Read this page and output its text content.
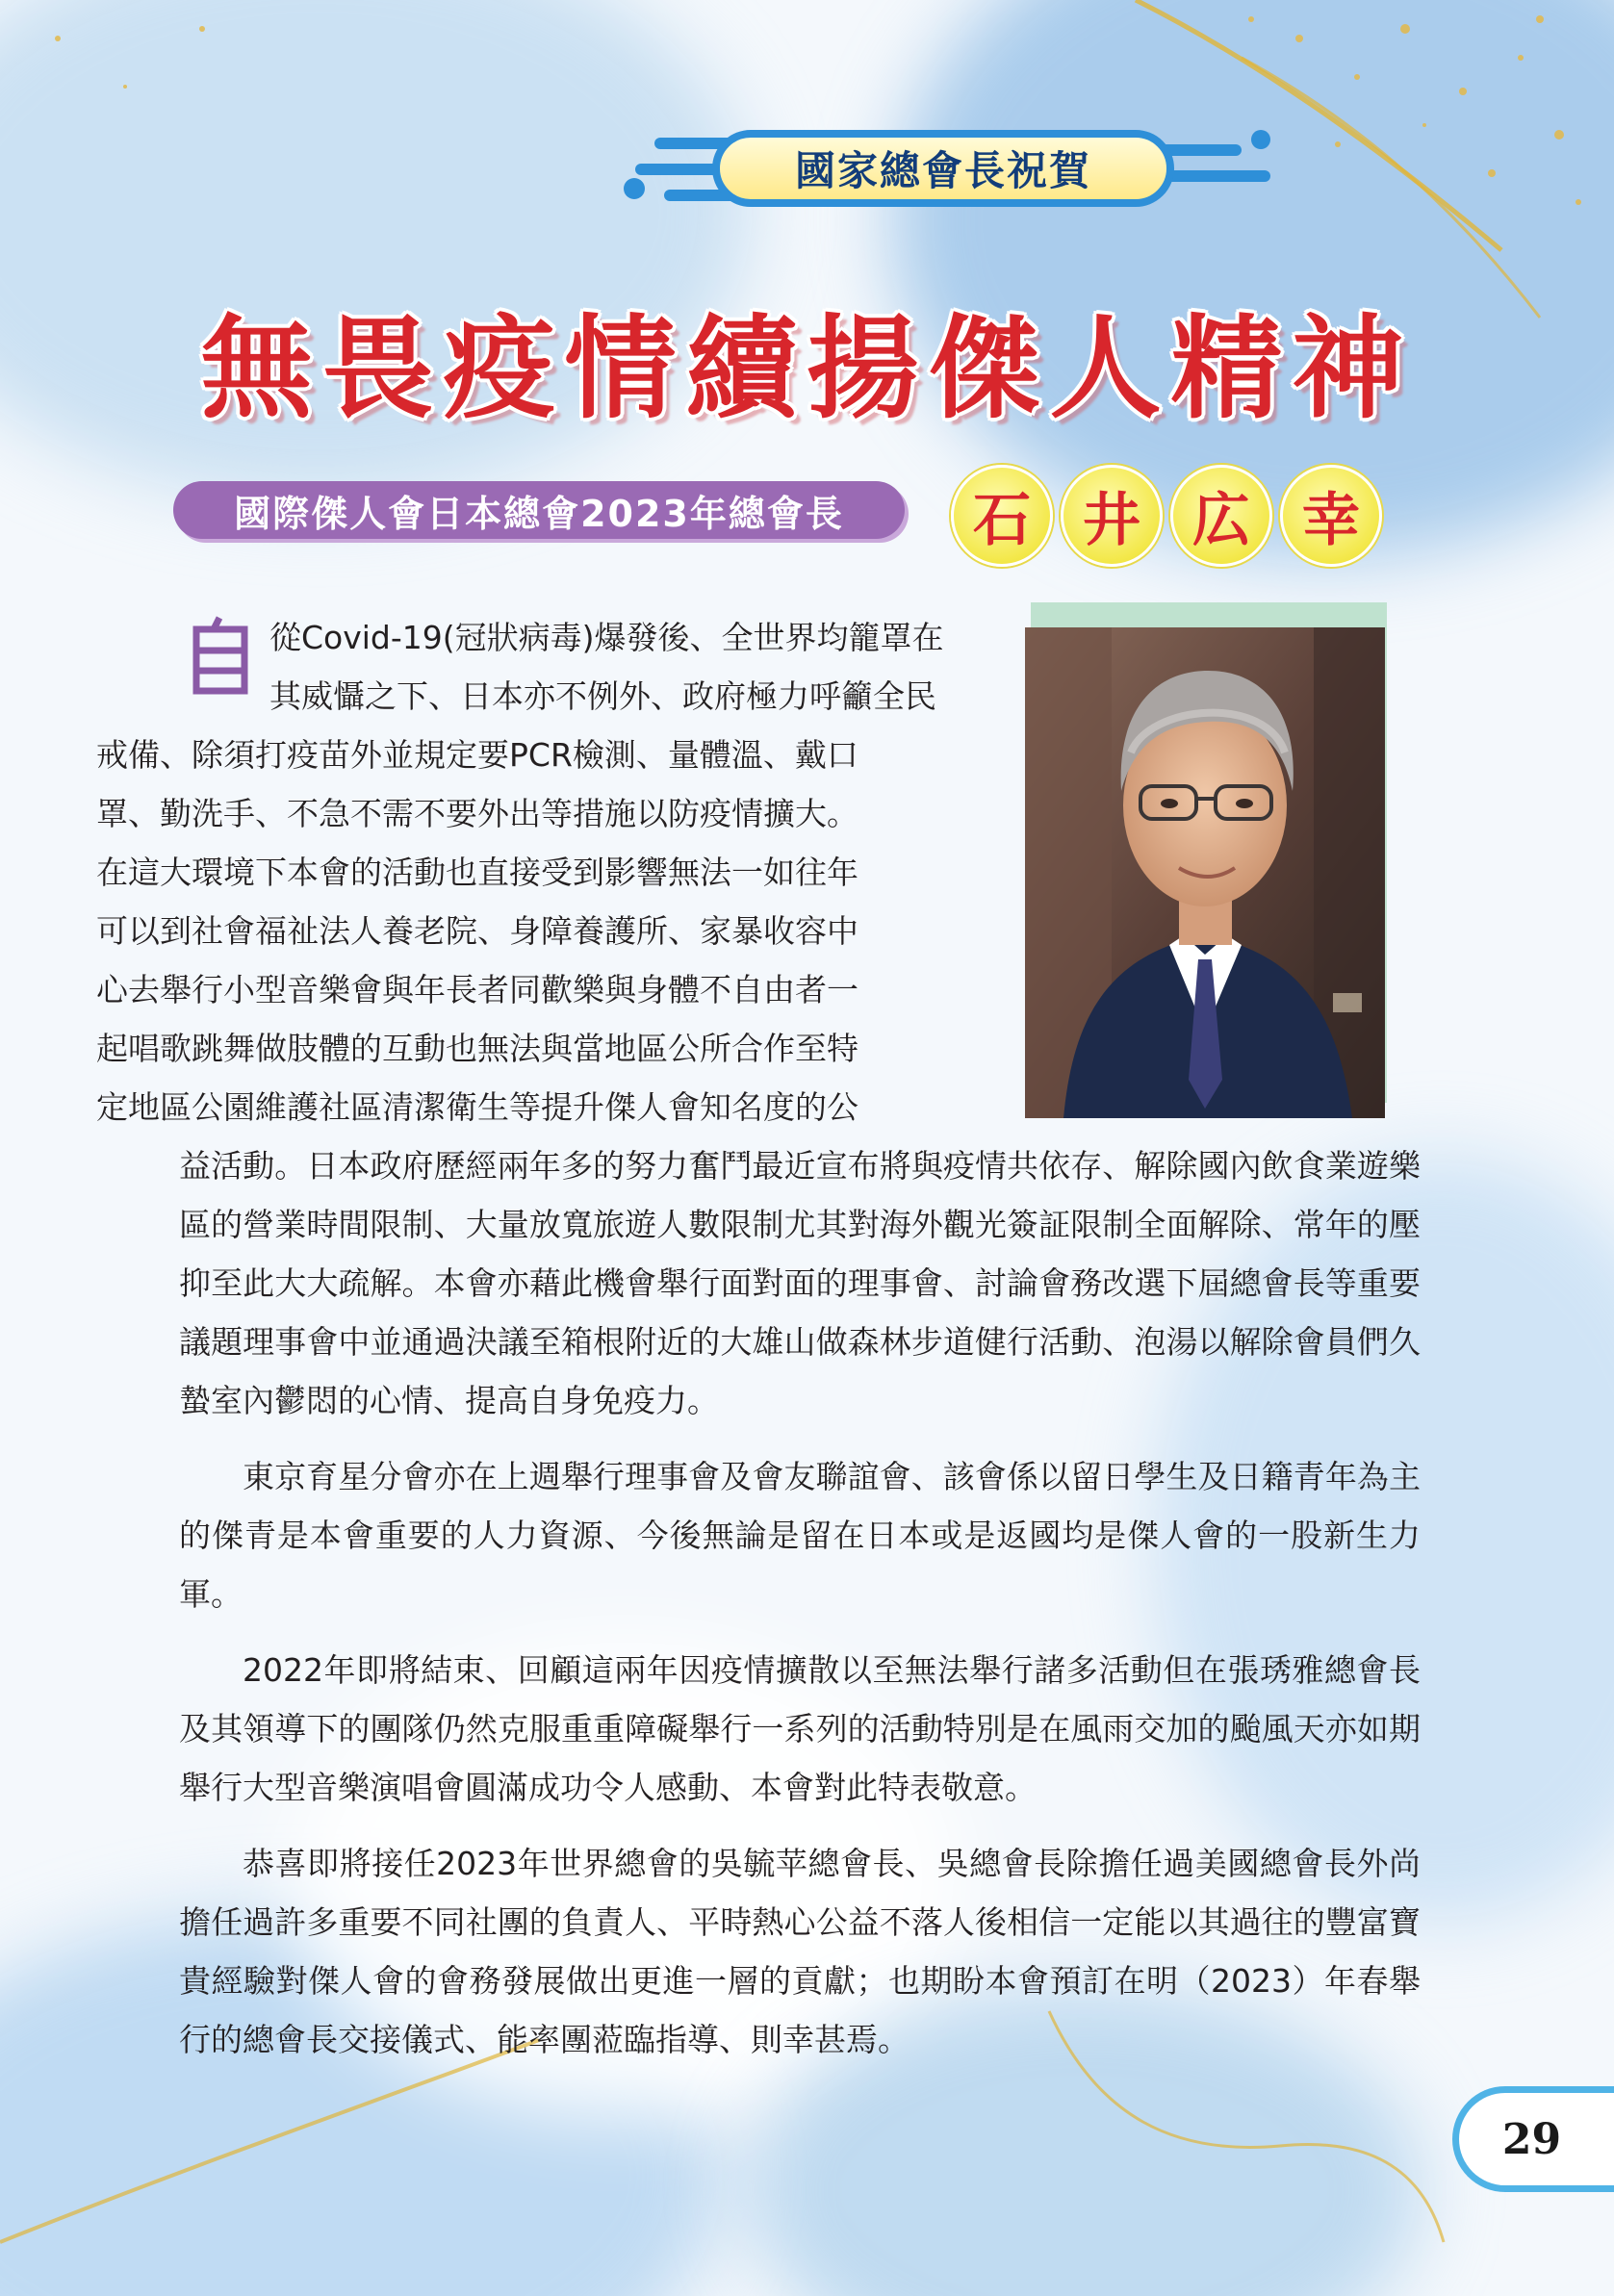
國家總會長祝賀
無畏疫情續揚傑人精神
國際傑人會日本總會2023年總會長	石 井 広 幸
從Covid-19(冠狀病毒)爆發後、全世界均籠罩在
其威懾之下、日本亦不例外、政府極力呼籲全民
戒備、除須打疫苗外並規定要PCR檢測、量體溫、戴口
罩、勤洗手、不急不需不要外出等措施以防疫情擴大。
在這大環境下本會的活動也直接受到影響無法一如往年
可以到社會福祉法人養老院、身障養護所、家暴收容中
心去舉行小型音樂會與年長者同歡樂與身體不自由者一
起唱歌跳舞做肢體的互動也無法與當地區公所合作至特
定地區公園維護社區清潔衛生等提升傑人會知名度的公

益活動。日本政府歷經兩年多的努力奮鬥最近宣布將與疫情共依存、解除國內飲食業遊樂區的營業時間限制、大量放寬旅遊人數限制尤其對海外觀光簽証限制全面解除、常年的壓抑至此大大疏解。本會亦藉此機會舉行面對面的理事會、討論會務改選下屆總會長等重要議題理事會中並通過決議至箱根附近的大雄山做森林步道健行活動、泡湯以解除會員們久蟄室內鬱悶的心情、提高自身免疫力。

東京育星分會亦在上週舉行理事會及會友聯誼會、該會係以留日學生及日籍青年為主的傑青是本會重要的人力資源、今後無論是留在日本或是返國均是傑人會的一股新生力軍。

2022年即將結束、回顧這兩年因疫情擴散以至無法舉行諸多活動但在張琇雅總會長及其領導下的團隊仍然克服重重障礙舉行一系列的活動特別是在風雨交加的颱風天亦如期舉行大型音樂演唱會圓滿成功令人感動、本會對此特表敬意。

恭喜即將接任2023年世界總會的吳毓苹總會長、吳總會長除擔任過美國總會長外尚擔任過許多重要不同社團的負責人、平時熱心公益不落人後相信一定能以其過往的豐富寶貴經驗對傑人會的會務發展做出更進一層的貢獻；也期盼本會預訂在明（2023）年春舉行的總會長交接儀式、能率團蒞臨指導、則幸甚焉。

29
